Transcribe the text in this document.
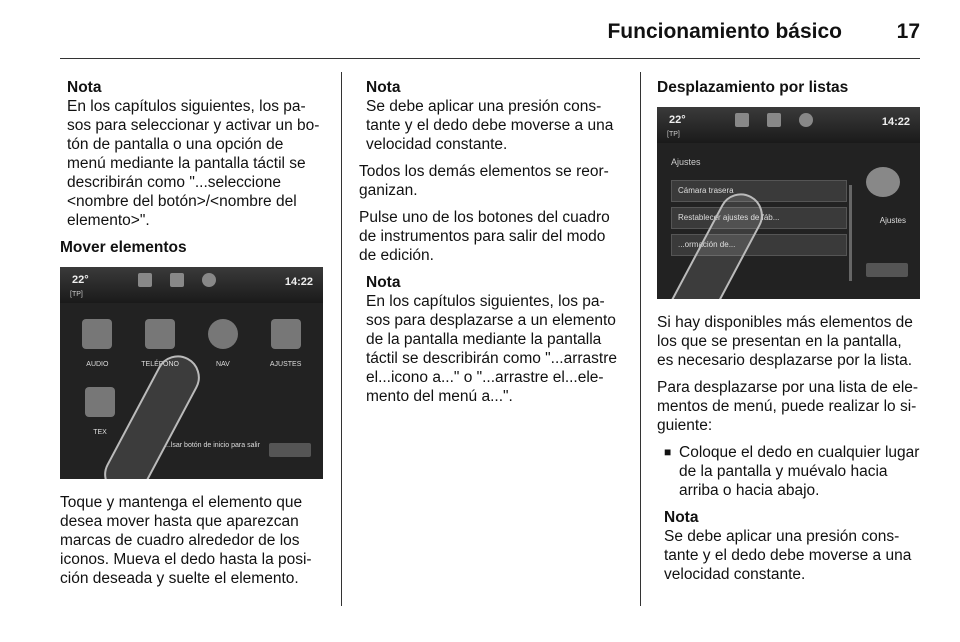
Funcionamiento básico	17
Nota
En los capítulos siguientes, los pa-sos para seleccionar y activar un bo-tón de pantalla o una opción de menú mediante la pantalla táctil se describirán como "...seleccione <nombre del botón>/<nombre del elemento>".
Mover elementos
22°
[TP]
14:22
AUDIO	TELÉFONO	NAV	AJUSTES
TEX
...lsar botón de inicio para salir

Toque y mantenga el elemento que desea mover hasta que aparezcan marcas de cuadro alrededor de los iconos. Mueva el dedo hasta la posi-ción deseada y suelte el elemento.

Nota
Se debe aplicar una presión cons-tante y el dedo debe moverse a una velocidad constante.

Todos los demás elementos se reor-ganizan.

Pulse uno de los botones del cuadro de instrumentos para salir del modo de edición.

Nota
En los capítulos siguientes, los pa-sos para desplazarse a un elemento de la pantalla mediante la pantalla táctil se describirán como "...arrastre el...icono a..." o "...arrastre el...ele-mento del menú a...".
Desplazamiento por listas
22°
[TP]
14:22
Ajustes
Cámara trasera
Restablecer ajustes de fáb...
...ormación de...
Ajustes

Si hay disponibles más elementos de los que se presentan en la pantalla, es necesario desplazarse por la lista.

Para desplazarse por una lista de ele-mentos de menú, puede realizar lo si-guiente:

■ Coloque el dedo en cualquier lugar de la pantalla y muévalo hacia arriba o hacia abajo.
Nota
Se debe aplicar una presión cons-tante y el dedo debe moverse a una velocidad constante.
